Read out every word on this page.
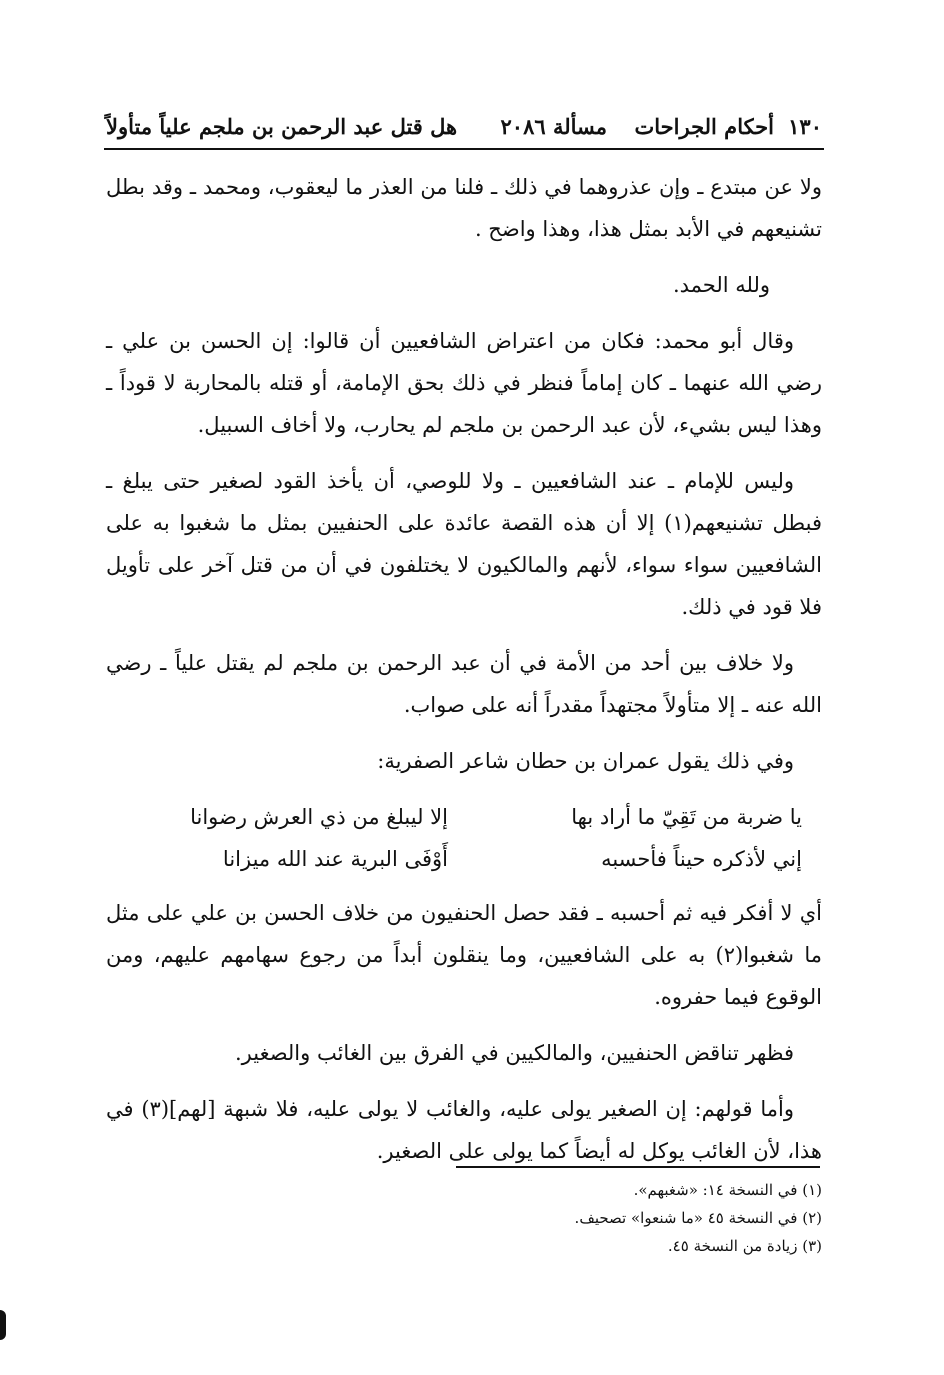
١٣٠
أحكام الجراحات
مسألة ٢٠٨٦
هل قتل عبد الرحمن بن ملجم علياً متأولاً

ولا عن مبتدع ـ وإن عذروهما في ذلك ـ فلنا من العذر ما ليعقوب، ومحمد ـ وقد بطل تشنيعهم في الأبد بمثل هذا، وهذا واضح .

ولله الحمد.

وقال أبو محمد: فكان من اعتراض الشافعيين أن قالوا: إن الحسن بن علي ـ رضي الله عنهما ـ كان إماماً فنظر في ذلك بحق الإمامة، أو قتله بالمحاربة لا قوداً ـ وهذا ليس بشيء، لأن عبد الرحمن بن ملجم لم يحارب، ولا أخاف السبيل.

وليس للإمام ـ عند الشافعيين ـ ولا للوصي، أن يأخذ القود لصغير حتى يبلغ ـ فبطل تشنيعهم(١) إلا أن هذه القصة عائدة على الحنفيين بمثل ما شغبوا به على الشافعيين سواء سواء، لأنهم والمالكيون لا يختلفون في أن من قتل آخر على تأويل فلا قود في ذلك.

ولا خلاف بين أحد من الأمة في أن عبد الرحمن بن ملجم لم يقتل علياً ـ رضي الله عنه ـ إلا متأولاً مجتهداً مقدراً أنه على صواب.

وفي ذلك يقول عمران بن حطان شاعر الصفرية:

يا ضربة من تَقِيّ ما أراد بها
إلا ليبلغ من ذي العرش رضوانا
إني لأذكره حيناً فأحسبه
أَوْفَى البرية عند الله ميزانا

أي لا أفكر فيه ثم أحسبه ـ فقد حصل الحنفيون من خلاف الحسن بن علي على مثل ما شغبوا(٢) به على الشافعيين، وما ينقلون أبداً من رجوع سهامهم عليهم، ومن الوقوع فيما حفروه.

فظهر تناقض الحنفيين، والمالكيين في الفرق بين الغائب والصغير.

وأما قولهم: إن الصغير يولى عليه، والغائب لا يولى عليه، فلا شبهة [لهم](٣) في هذا، لأن الغائب يوكل له أيضاً كما يولى على الصغير.

(١) في النسخة ١٤: «شغبهم».

(٢) في النسخة ٤٥ «ما شنعوا» تصحيف.

(٣) زيادة من النسخة ٤٥.
